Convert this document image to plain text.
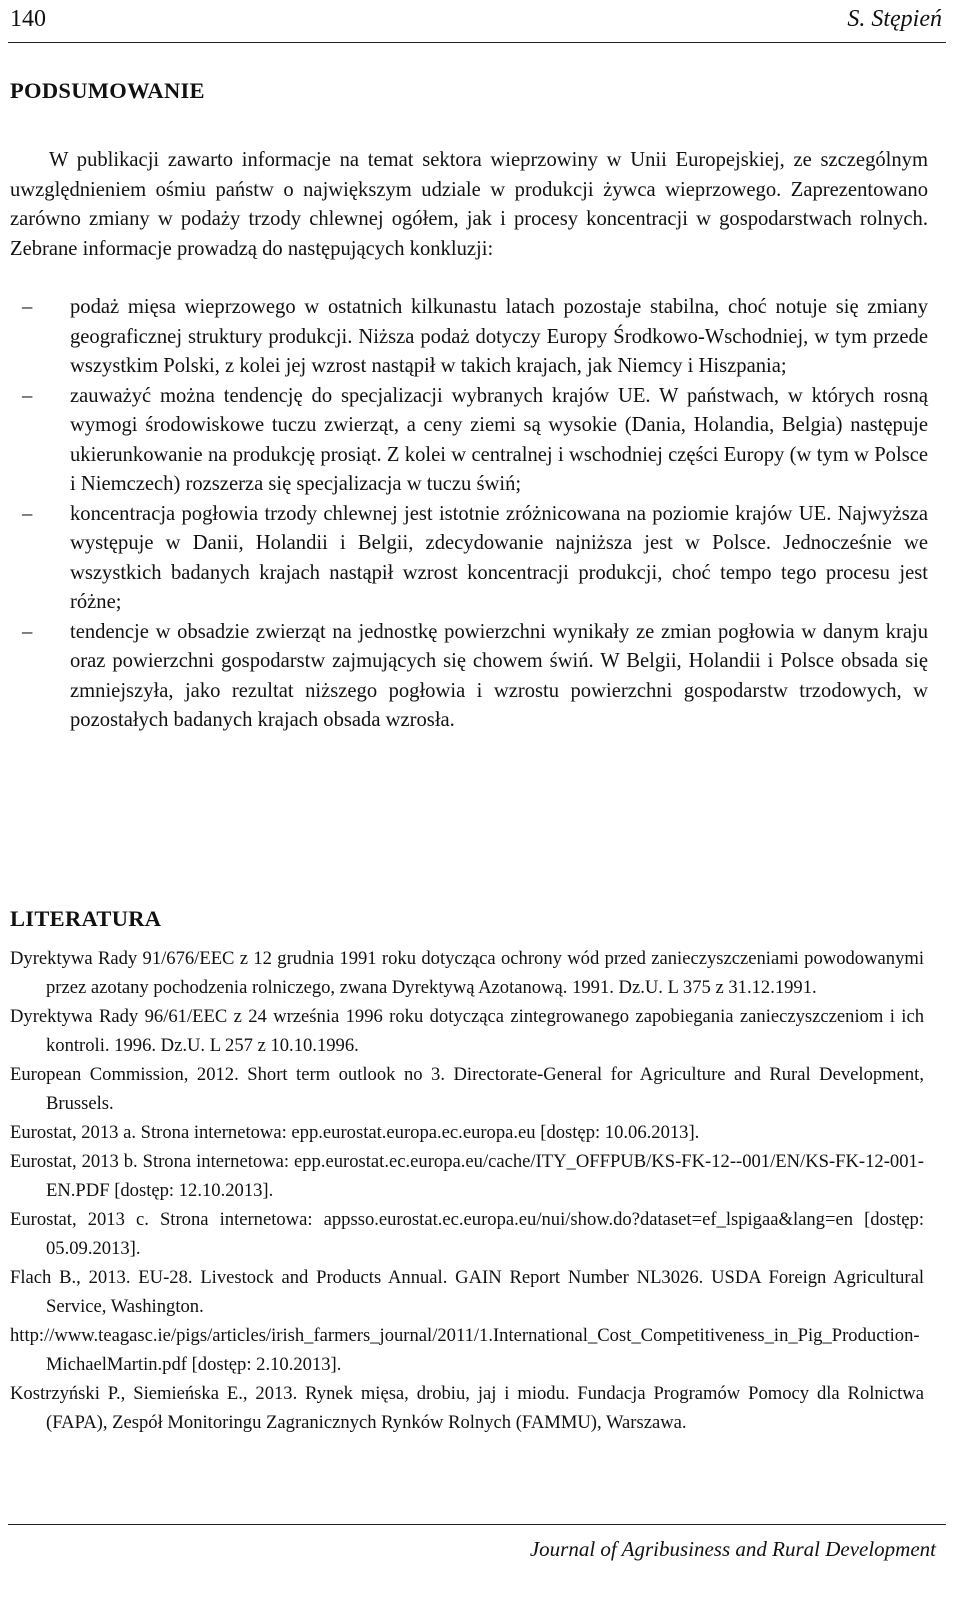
140	S. Stępień
PODSUMOWANIE

W publikacji zawarto informacje na temat sektora wieprzowiny w Unii Europejskiej, ze szczególnym uwzględnieniem ośmiu państw o największym udziale w produkcji żywca wieprzowego. Zaprezentowano zarówno zmiany w podaży trzody chlewnej ogółem, jak i procesy koncentracji w gospodarstwach rolnych. Zebrane informacje prowadzą do następujących konkluzji:

– podaż mięsa wieprzowego w ostatnich kilkunastu latach pozostaje stabilna, choć notuje się zmiany geograficznej struktury produkcji. Niższa podaż dotyczy Europy Środkowo-Wschodniej, w tym przede wszystkim Polski, z kolei jej wzrost nastąpił w takich krajach, jak Niemcy i Hiszpania;
– zauważyć można tendencję do specjalizacji wybranych krajów UE. W państwach, w których rosną wymogi środowiskowe tuczu zwierząt, a ceny ziemi są wysokie (Dania, Holandia, Belgia) następuje ukierunkowanie na produkcję prosiąt. Z kolei w centralnej i wschodniej części Europy (w tym w Polsce i Niemczech) rozszerza się specjalizacja w tuczu świń;
– koncentracja pogłowia trzody chlewnej jest istotnie zróżnicowana na poziomie krajów UE. Najwyższa występuje w Danii, Holandii i Belgii, zdecydowanie najniższa jest w Polsce. Jednocześnie we wszystkich badanych krajach nastąpił wzrost koncentracji produkcji, choć tempo tego procesu jest różne;
– tendencje w obsadzie zwierząt na jednostkę powierzchni wynikały ze zmian pogłowia w danym kraju oraz powierzchni gospodarstw zajmujących się chowem świń. W Belgii, Holandii i Polsce obsada się zmniejszyła, jako rezultat niższego pogłowia i wzrostu powierzchni gospodarstw trzodowych, w pozostałych badanych krajach obsada wzrosła.
LITERATURA
Dyrektywa Rady 91/676/EEC z 12 grudnia 1991 roku dotycząca ochrony wód przed zanieczyszczeniami powodowanymi przez azotany pochodzenia rolniczego, zwana Dyrektywą Azotanową. 1991. Dz.U. L 375 z 31.12.1991.
Dyrektywa Rady 96/61/EEC z 24 września 1996 roku dotycząca zintegrowanego zapobiegania zanieczyszczeniom i ich kontroli. 1996. Dz.U. L 257 z 10.10.1996.
European Commission, 2012. Short term outlook no 3. Directorate-General for Agriculture and Rural Development, Brussels.
Eurostat, 2013 a. Strona internetowa: epp.eurostat.europa.ec.europa.eu [dostęp: 10.06.2013].
Eurostat, 2013 b. Strona internetowa: epp.eurostat.ec.europa.eu/cache/ITY_OFFPUB/KS-FK-12-​-001/EN/KS-FK-12-001-EN.PDF [dostęp: 12.10.2013].
Eurostat, 2013 c. Strona internetowa: appsso.eurostat.ec.europa.eu/nui/show.do?dataset=ef_​lspigaa&lang=en [dostęp: 05.09.2013].
Flach B., 2013. EU-28. Livestock and Products Annual. GAIN Report Number NL3026. USDA Foreign Agricultural Service, Washington.
http://www.teagasc.ie/pigs/articles/irish_farmers_journal/2011/1.International_Cost_Competitive​ness_in_Pig_Production-MichaelMartin.pdf [dostęp: 2.10.2013].
Kostrzyński P., Siemieńska E., 2013. Rynek mięsa, drobiu, jaj i miodu. Fundacja Programów Pomocy dla Rolnictwa (FAPA), Zespół Monitoringu Zagranicznych Rynków Rolnych (FAMMU), Warszawa.
Journal of Agribusiness and Rural Development
